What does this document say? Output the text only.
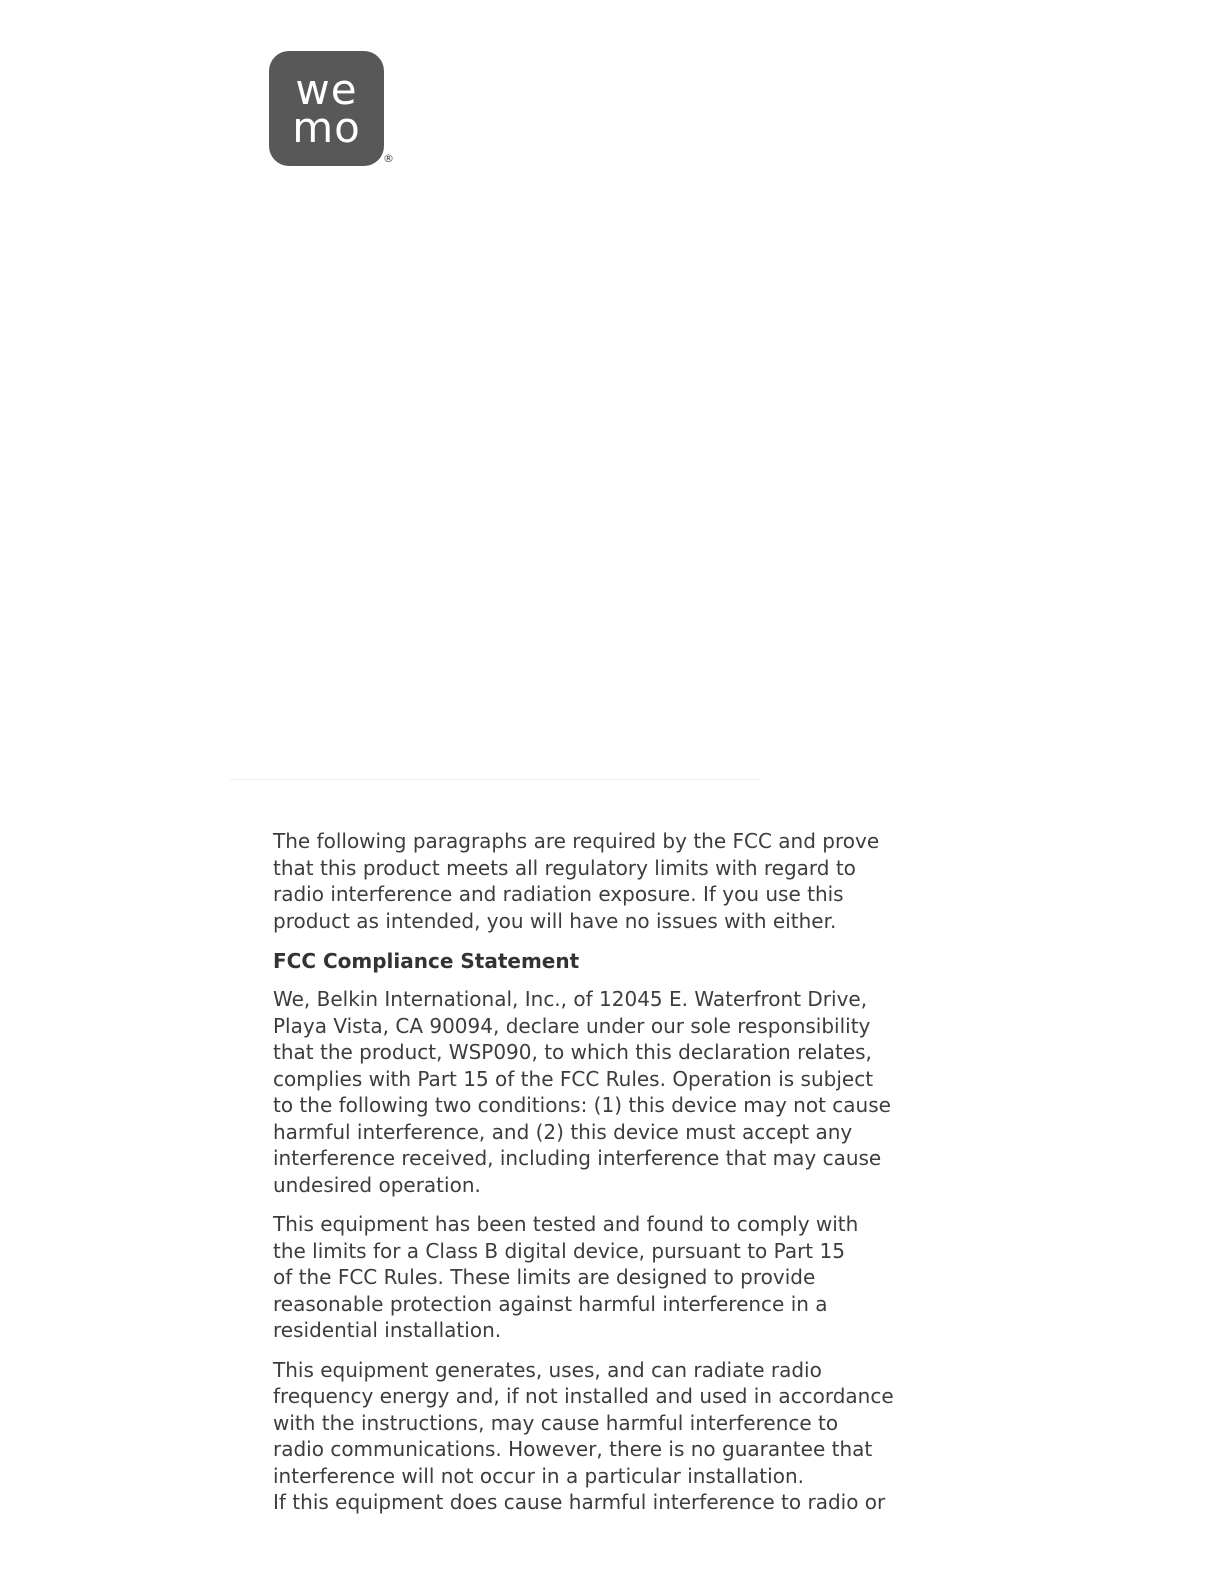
we
mo
®

The following paragraphs are required by the FCC and prove
that this product meets all regulatory limits with regard to
radio interference and radiation exposure. If you use this
product as intended, you will have no issues with either.

FCC Compliance Statement

We, Belkin International, Inc., of 12045 E. Waterfront Drive,
Playa Vista, CA 90094, declare under our sole responsibility
that the product, WSP090, to which this declaration relates,
complies with Part 15 of the FCC Rules. Operation is subject
to the following two conditions: (1) this device may not cause
harmful interference, and (2) this device must accept any
interference received, including interference that may cause
undesired operation.

This equipment has been tested and found to comply with
the limits for a Class B digital device, pursuant to Part 15
of the FCC Rules. These limits are designed to provide
reasonable protection against harmful interference in a
residential installation.

This equipment generates, uses, and can radiate radio
frequency energy and, if not installed and used in accordance
with the instructions, may cause harmful interference to
radio communications. However, there is no guarantee that
interference will not occur in a particular installation.
If this equipment does cause harmful interference to radio or
